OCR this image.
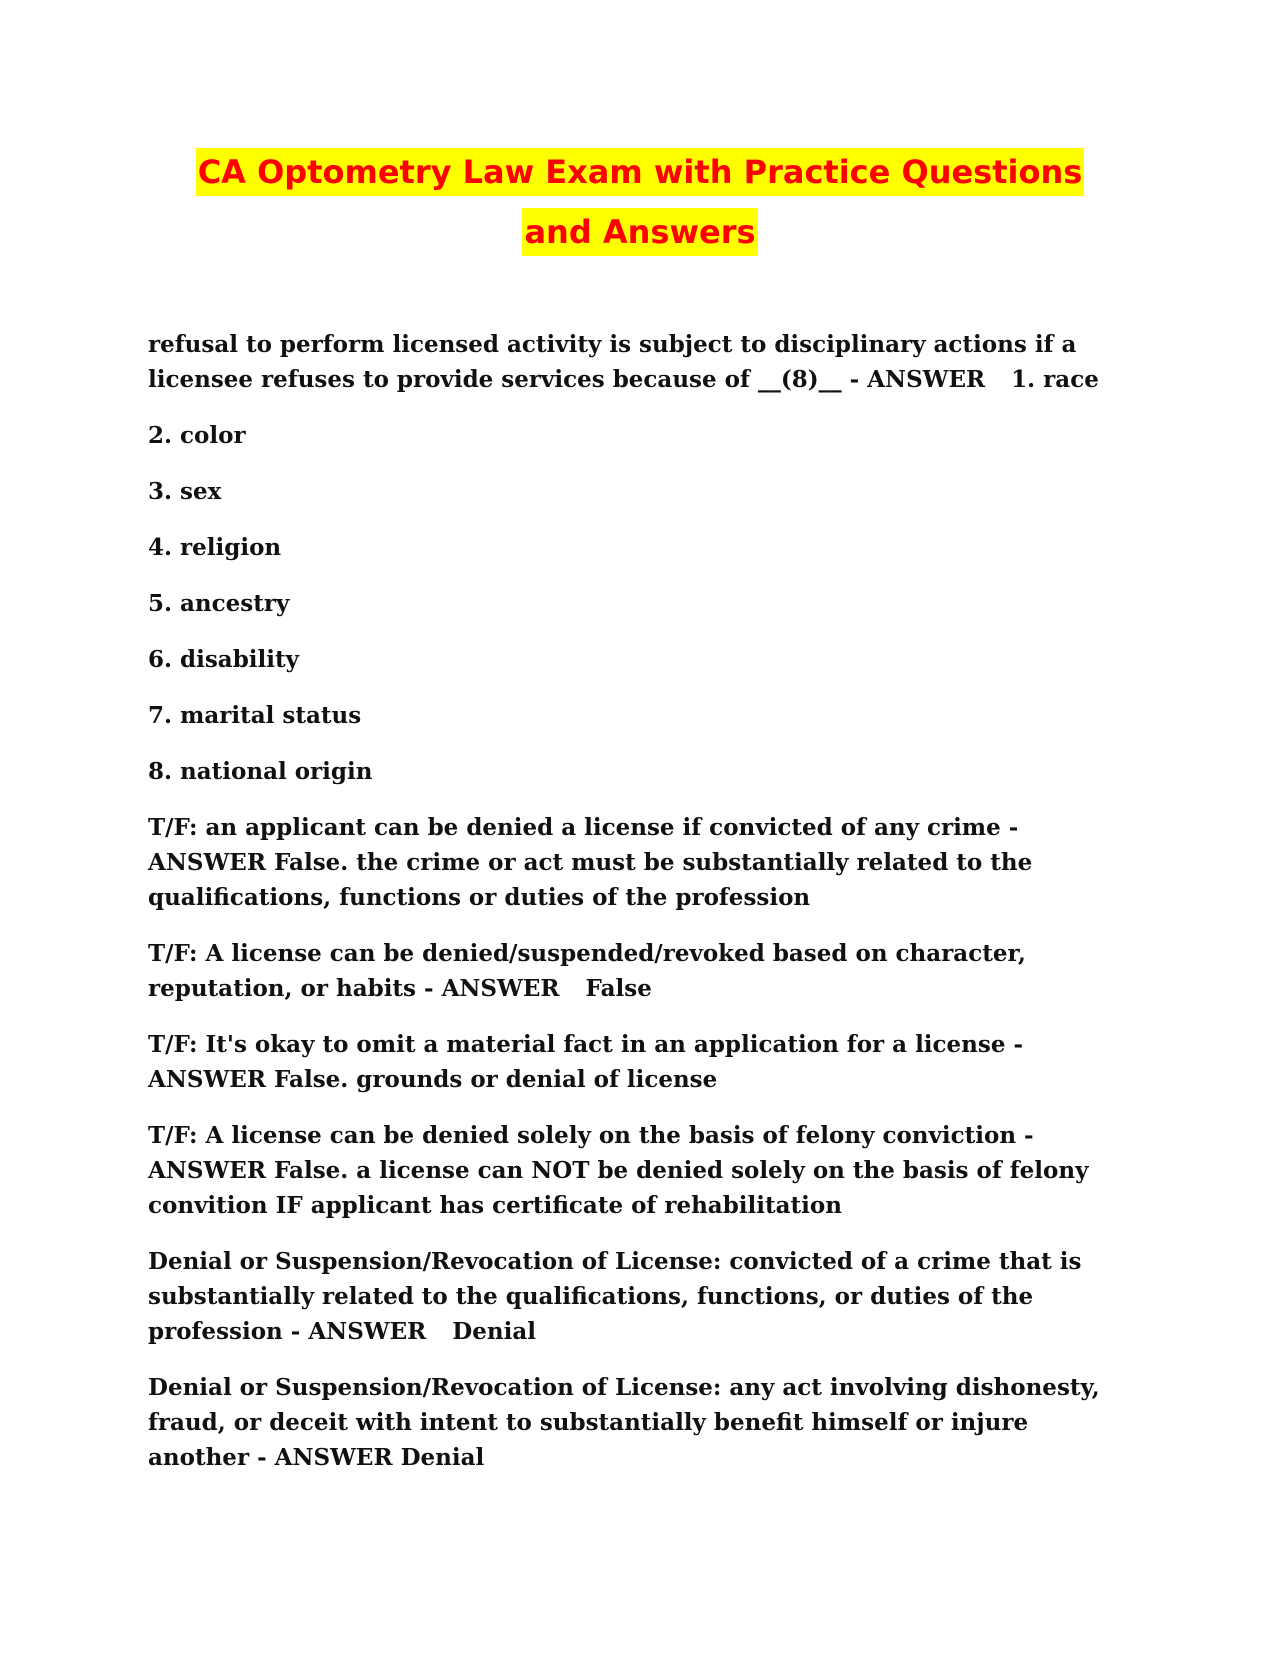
CA Optometry Law Exam with Practice Questions
and Answers

refusal to perform licensed activity is subject to disciplinary actions if a licensee refuses to provide services because of __(8)__ - ANSWER 1. race

2. color

3. sex

4. religion

5. ancestry

6. disability

7. marital status

8. national origin

T/F: an applicant can be denied a license if convicted of any crime - ANSWER False. the crime or act must be substantially related to the qualifications, functions or duties of the profession

T/F: A license can be denied/suspended/revoked based on character, reputation, or habits - ANSWER False

T/F: It's okay to omit a material fact in an application for a license - ANSWER False. grounds or denial of license

T/F: A license can be denied solely on the basis of felony conviction - ANSWER False. a license can NOT be denied solely on the basis of felony convition IF applicant has certificate of rehabilitation

Denial or Suspension/Revocation of License: convicted of a crime that is substantially related to the qualifications, functions, or duties of the profession - ANSWER Denial

Denial or Suspension/Revocation of License: any act involving dishonesty, fraud, or deceit with intent to substantially benefit himself or injure another - ANSWER Denial
